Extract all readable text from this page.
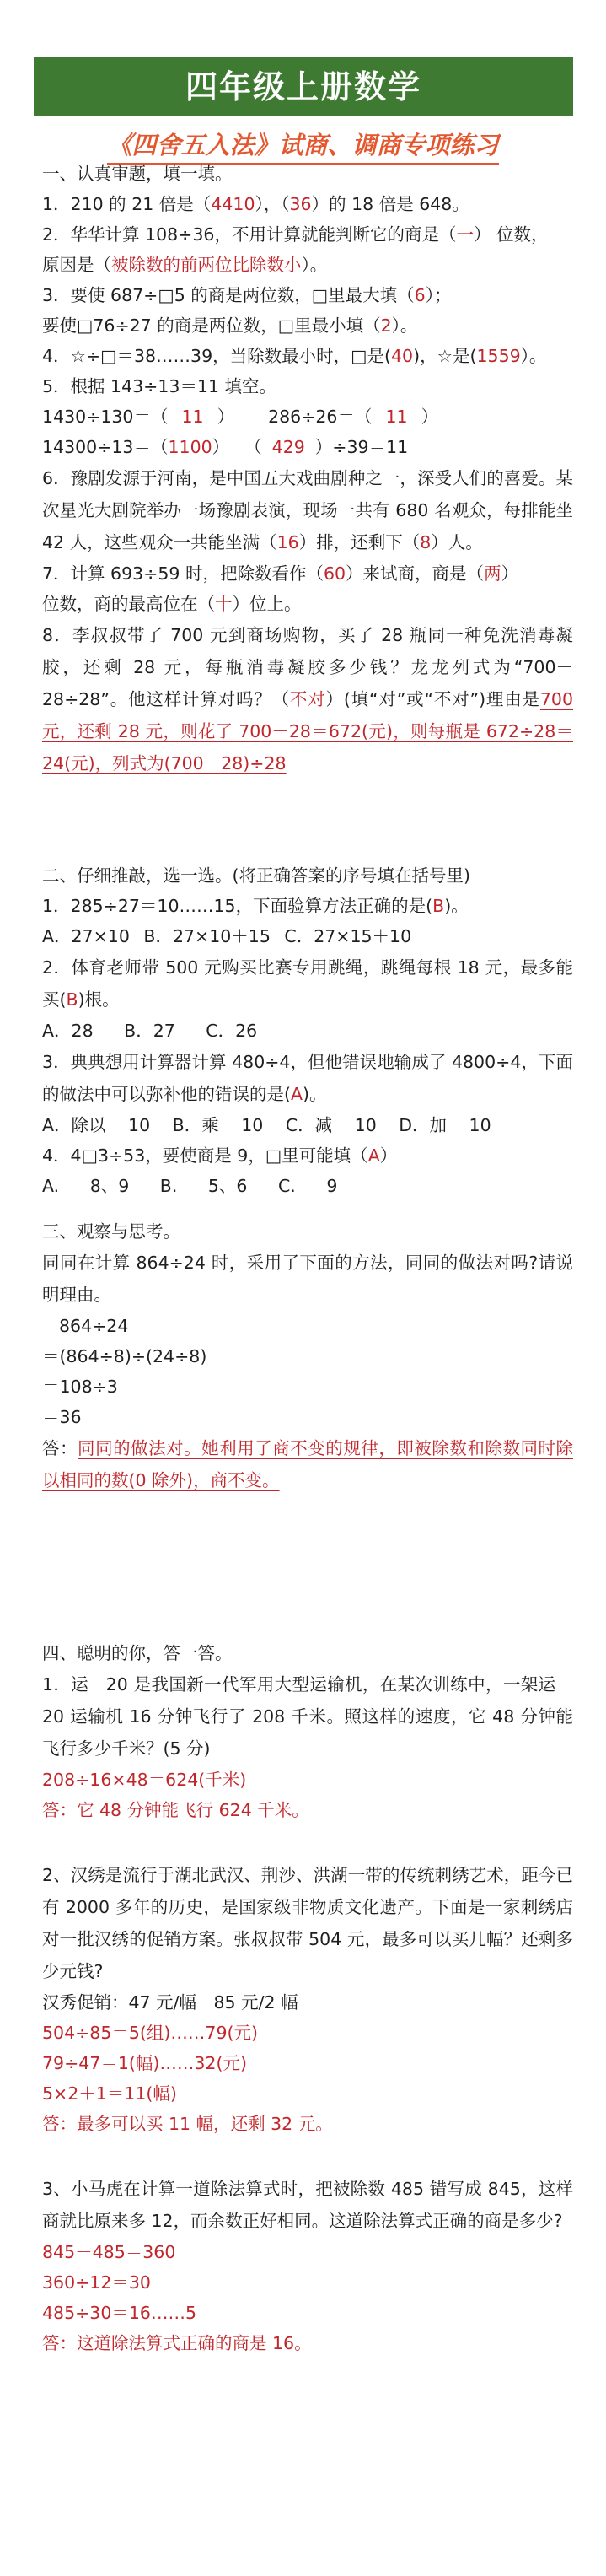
四年级上册数学
《四舍五入法》试商、调商专项练习
一、认真审题，填一填。
1．210 的 21 倍是（4410），（36）的 18 倍是 648。
2．华华计算 108÷36，不用计算就能判断它的商是（一） 位数，
原因是（被除数的前两位比除数小）。
3．要使 687÷□5 的商是两位数，□里最大填（6）；
要使□76÷27 的商是两位数，□里最小填（2）。
4．☆÷□＝38……39，当除数最小时，□是(40)，☆是(1559）。
5．根据 143÷13＝11 填空。
1430÷130＝（ 11 ） 286÷26＝（ 11 ）
14300÷13＝（1100） （ 429 ）÷39＝11
6．豫剧发源于河南，是中国五大戏曲剧种之一，深受人们的喜爱。某次星光大剧院举办一场豫剧表演，现场一共有 680 名观众，每排能坐 42 人，这些观众一共能坐满（16）排，还剩下（8）人。
7．计算 693÷59 时，把除数看作（60）来试商，商是（两）
位数，商的最高位在（十）位上。
8．李叔叔带了 700 元到商场购物，买了 28 瓶同一种免洗消毒凝胶，还剩 28 元，每瓶消毒凝胶多少钱？龙龙列式为“700－28÷28”。他这样计算对吗？（不对）(填“对”或“不对”)理由是700 元，还剩 28 元，则花了 700－28＝672(元)，则每瓶是 672÷28＝24(元)，列式为(700－28)÷28
二、仔细推敲，选一选。(将正确答案的序号填在括号里)
1．285÷27＝10……15，下面验算方法正确的是(B)。
A．27×10 B．27×10＋15 C．27×15＋10
2．体育老师带 500 元购买比赛专用跳绳，跳绳每根 18 元，最多能买(B)根。
A．28 B．27 C．26
3．典典想用计算器计算 480÷4，但他错误地输成了 4800÷4，下面的做法中可以弥补他的错误的是(A)。
A．除以 10 B．乘 10 C．减 10 D．加 10
4．4□3÷53，要使商是 9，□里可能填（A）
A. 8、9 B. 5、6 C. 9
三、观察与思考。
同同在计算 864÷24 时，采用了下面的方法，同同的做法对吗?请说明理由。
864÷24
＝(864÷8)÷(24÷8)
＝108÷3
＝36
答：同同的做法对。她利用了商不变的规律，即被除数和除数同时除以相同的数(0 除外)，商不变。
四、聪明的你，答一答。
1．运－20 是我国新一代军用大型运输机，在某次训练中，一架运－20 运输机 16 分钟飞行了 208 千米。照这样的速度，它 48 分钟能飞行多少千米？(5 分)
208÷16×48＝624(千米)
答：它 48 分钟能飞行 624 千米。
2、汉绣是流行于湖北武汉、荆沙、洪湖一带的传统刺绣艺术，距今已有 2000 多年的历史，是国家级非物质文化遗产。下面是一家刺绣店对一批汉绣的促销方案。张叔叔带 504 元，最多可以买几幅？还剩多少元钱?
汉秀促销：47 元/幅　85 元/2 幅
504÷85＝5(组)……79(元)
79÷47＝1(幅)……32(元)
5×2＋1＝11(幅)
答：最多可以买 11 幅，还剩 32 元。
3、小马虎在计算一道除法算式时，把被除数 485 错写成 845，这样商就比原来多 12，而余数正好相同。这道除法算式正确的商是多少?
845－485＝360
360÷12＝30
485÷30＝16……5
答：这道除法算式正确的商是 16。
